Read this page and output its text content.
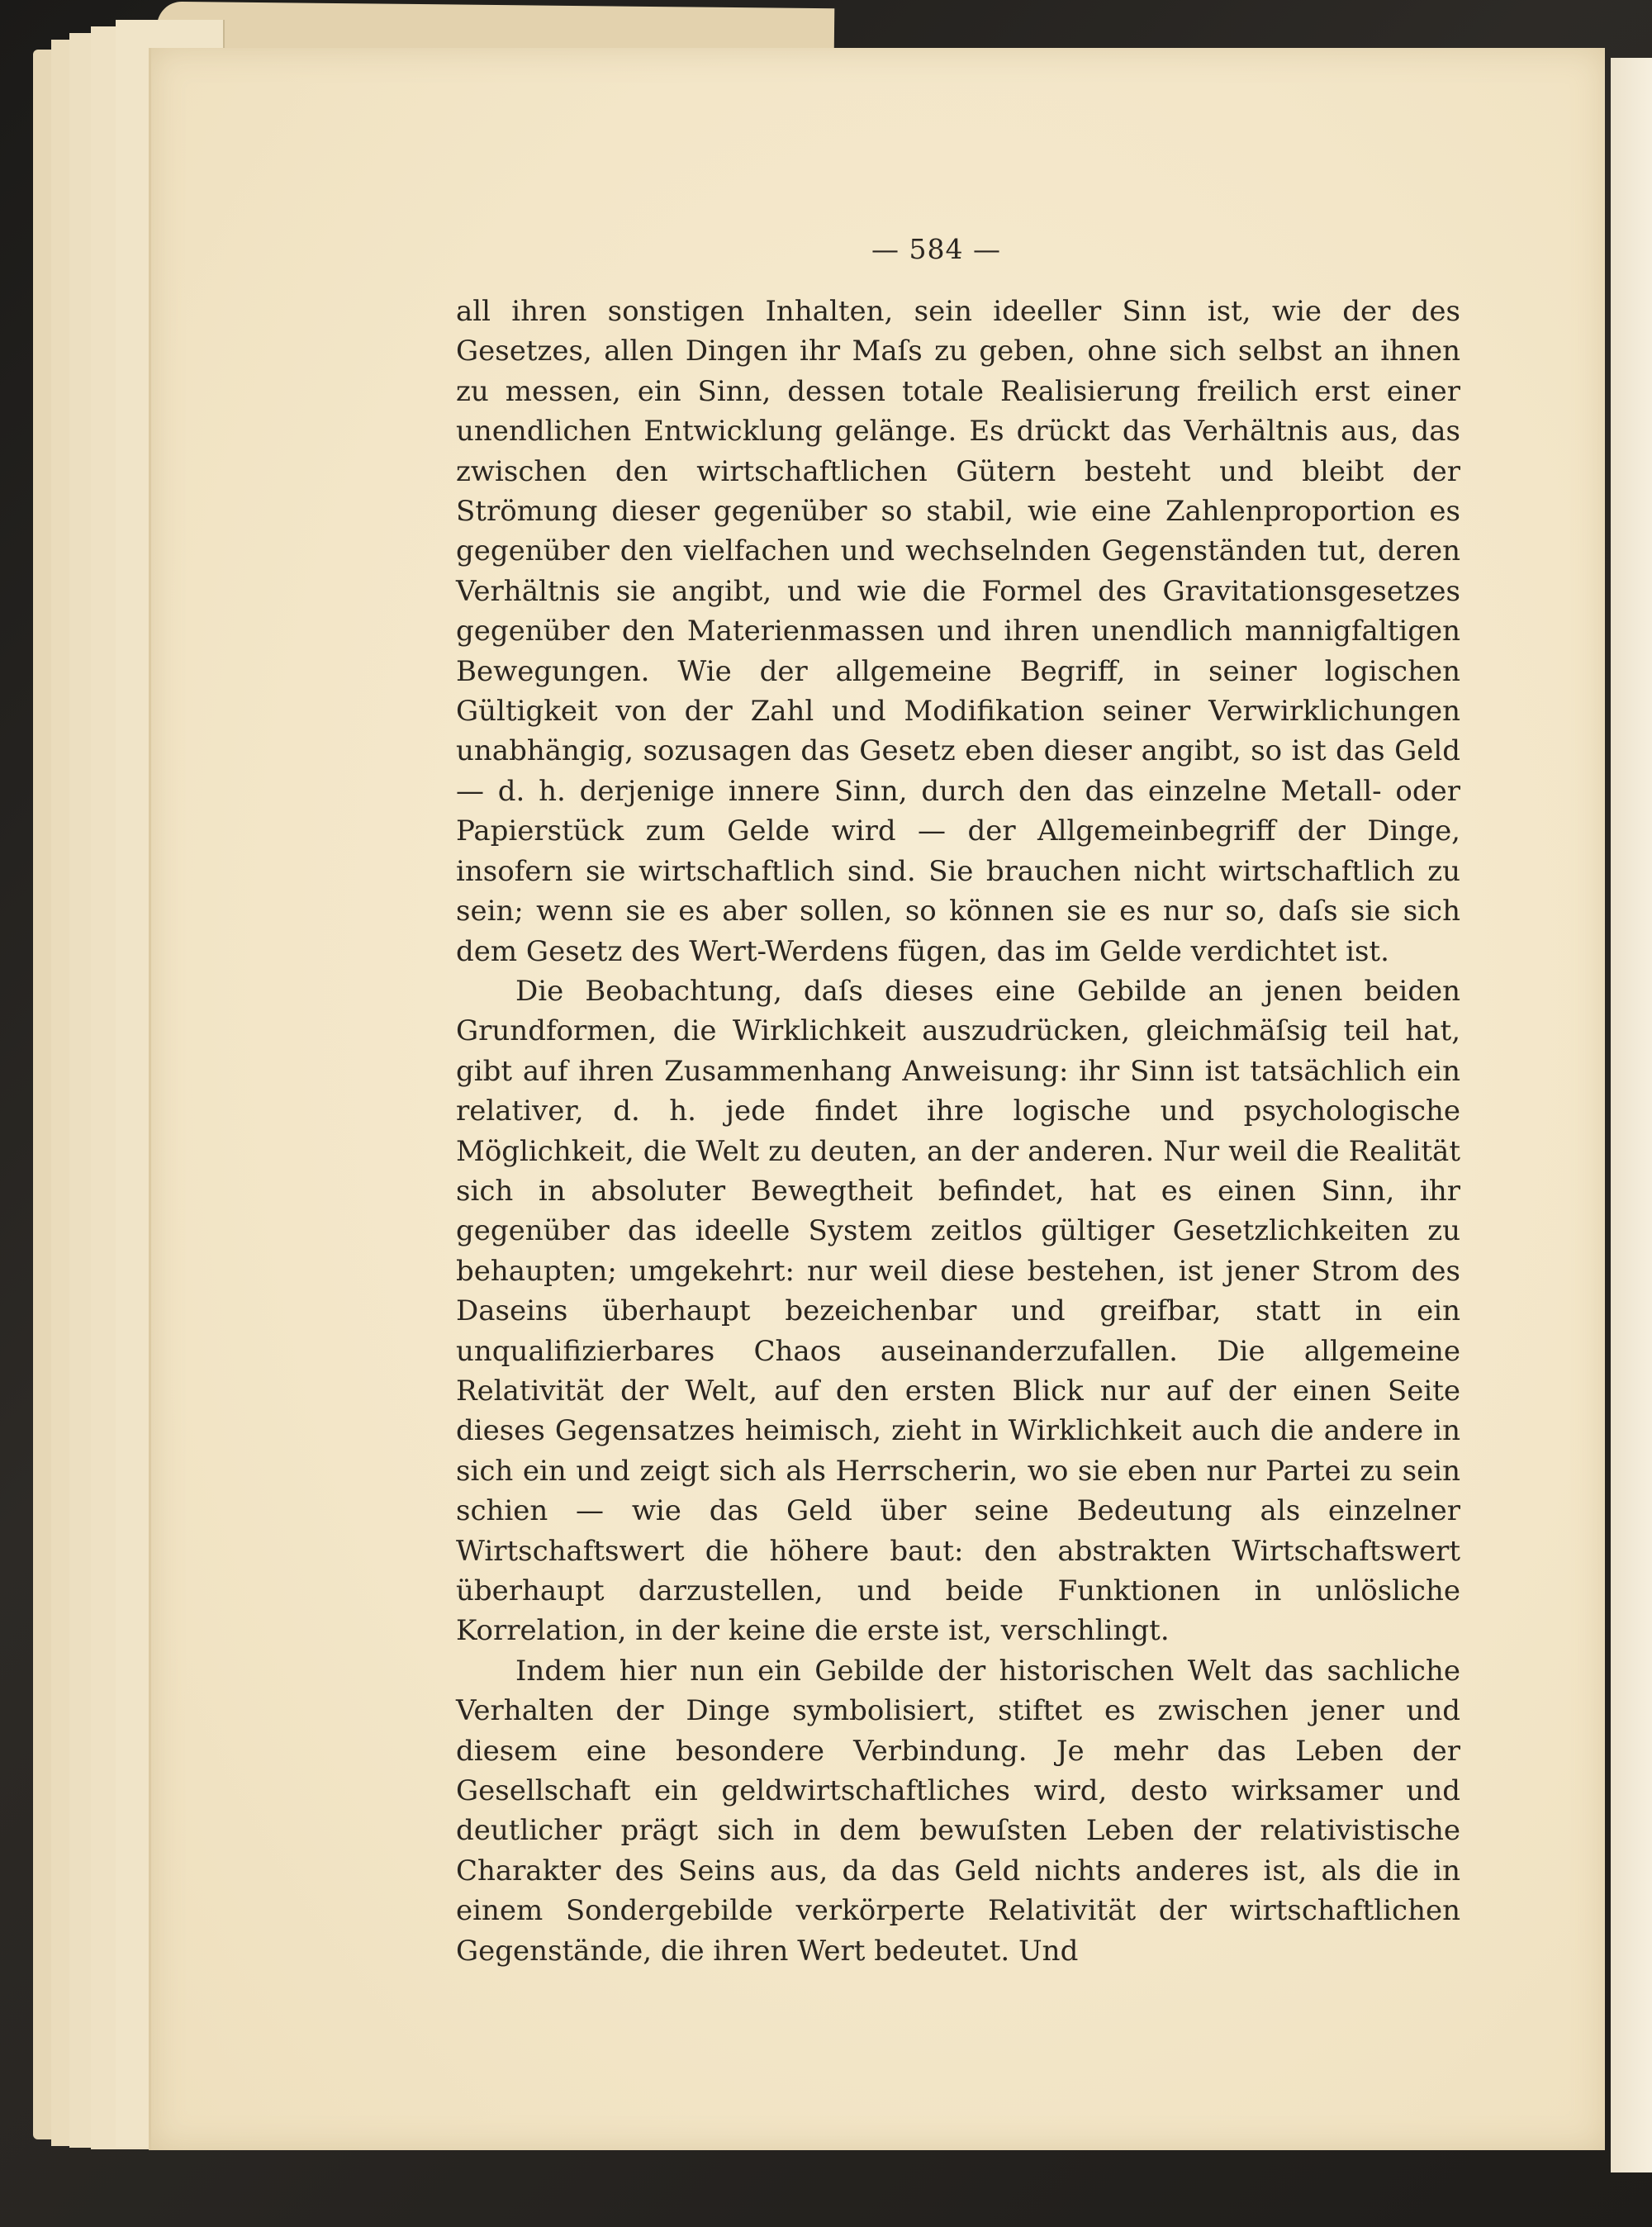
— 584 —

all ihren sonstigen Inhalten, sein ideeller Sinn ist, wie der des Gesetzes, allen Dingen ihr Maſs zu geben, ohne sich selbst an ihnen zu messen, ein Sinn, dessen totale Realisierung freilich erst einer unendlichen Entwicklung gelänge. Es drückt das Verhältnis aus, das zwischen den wirtschaftlichen Gütern besteht und bleibt der Strömung dieser gegenüber so stabil, wie eine Zahlenproportion es gegenüber den vielfachen und wechselnden Gegenständen tut, deren Verhältnis sie angibt, und wie die Formel des Gravitationsgesetzes gegenüber den Materienmassen und ihren unendlich mannigfaltigen Bewegungen. Wie der allgemeine Begriff, in seiner logischen Gültigkeit von der Zahl und Modifikation seiner Verwirklichungen unabhängig, sozusagen das Gesetz eben dieser angibt, so ist das Geld — d. h. derjenige innere Sinn, durch den das einzelne Metall- oder Papierstück zum Gelde wird — der Allgemeinbegriff der Dinge, insofern sie wirtschaftlich sind. Sie brauchen nicht wirtschaftlich zu sein; wenn sie es aber sollen, so können sie es nur so, daſs sie sich dem Gesetz des Wert-Werdens fügen, das im Gelde verdichtet ist.

Die Beobachtung, daſs dieses eine Gebilde an jenen beiden Grundformen, die Wirklichkeit auszudrücken, gleichmäſsig teil hat, gibt auf ihren Zusammenhang Anweisung: ihr Sinn ist tatsächlich ein relativer, d. h. jede findet ihre logische und psychologische Möglichkeit, die Welt zu deuten, an der anderen. Nur weil die Realität sich in absoluter Bewegtheit befindet, hat es einen Sinn, ihr gegenüber das ideelle System zeitlos gültiger Gesetzlichkeiten zu behaupten; umgekehrt: nur weil diese bestehen, ist jener Strom des Daseins überhaupt bezeichenbar und greifbar, statt in ein unqualifizierbares Chaos auseinanderzufallen. Die allgemeine Relativität der Welt, auf den ersten Blick nur auf der einen Seite dieses Gegensatzes heimisch, zieht in Wirklichkeit auch die andere in sich ein und zeigt sich als Herrscherin, wo sie eben nur Partei zu sein schien — wie das Geld über seine Bedeutung als einzelner Wirtschaftswert die höhere baut: den abstrakten Wirtschaftswert überhaupt darzustellen, und beide Funktionen in unlösliche Korrelation, in der keine die erste ist, verschlingt.

Indem hier nun ein Gebilde der historischen Welt das sachliche Verhalten der Dinge symbolisiert, stiftet es zwischen jener und diesem eine besondere Verbindung. Je mehr das Leben der Gesellschaft ein geldwirtschaftliches wird, desto wirksamer und deutlicher prägt sich in dem bewuſsten Leben der relativistische Charakter des Seins aus, da das Geld nichts anderes ist, als die in einem Sondergebilde verkörperte Relativität der wirtschaftlichen Gegenstände, die ihren Wert bedeutet. Und
